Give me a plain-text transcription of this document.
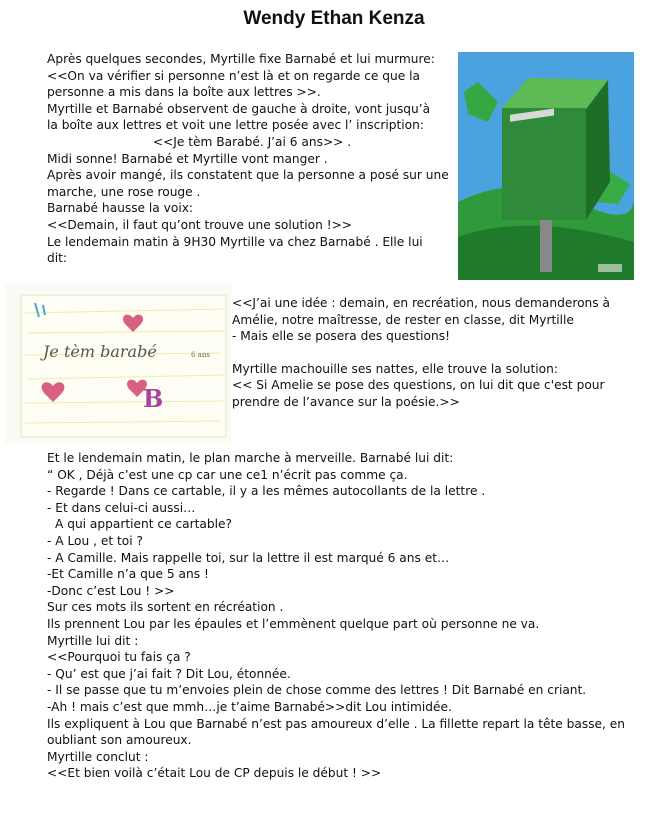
Wendy Ethan Kenza
Après quelques secondes, Myrtille fixe Barnabé et lui murmure:
<<On va vérifier si personne n’est là et on regarde ce que la
personne a mis dans la boîte aux lettres >>.
Myrtille et Barnabé observent de gauche à droite, vont jusqu’à
la boîte aux lettres et voit une lettre posée avec l’ inscription:
<<Je tèm Barabé. J’ai 6 ans>> .
Midi sonne! Barnabé et Myrtille vont manger .
Après avoir mangé, ils constatent que la personne a posé sur une
marche, une rose rouge .
Barnabé hausse la voix:
<<Demain, il faut qu’ont trouve une solution !>>
Le lendemain matin à 9H30 Myrtille va chez Barnabé . Elle lui
dit:
Je tèm barabé	6 ans
B
<<J’ai une idée : demain, en recréation, nous demanderons à
Amélie, notre maîtresse, de rester en classe, dit Myrtille
- Mais elle se posera des questions!
Myrtille machouille ses nattes, elle trouve la solution:
<< Si Amelie se pose des questions, on lui dit que c'est pour
prendre de l’avance sur la poésie.>>
Et le lendemain matin, le plan marche à merveille. Barnabé lui dit:
“ OK , Déjà c’est une cp car une ce1 n’écrit pas comme ça.
- Regarde ! Dans ce cartable, il y a les mêmes autocollants de la lettre .
- Et dans celui-ci aussi…
A qui appartient ce cartable?
- A Lou , et toi ?
- A Camille. Mais rappelle toi, sur la lettre il est marqué 6 ans et…
-Et Camille n’a que 5 ans !
-Donc c’est Lou ! >>
Sur ces mots ils sortent en récréation .
Ils prennent Lou par les épaules et l’emmènent quelque part où personne ne va.
Myrtille lui dit :
<<Pourquoi tu fais ça ?
- Qu’ est que j’ai fait ? Dit Lou, étonnée.
- Il se passe que tu m’envoies plein de chose comme des lettres ! Dit Barnabé en criant.
-Ah ! mais c’est que mmh…je t’aime Barnabé>>dit Lou intimidée.
Ils expliquent à Lou que Barnabé n’est pas amoureux d’elle . La fillette repart la tête basse, en
oubliant son amoureux.
Myrtille conclut :
<<Et bien voilà c’était Lou de CP depuis le début ! >>
